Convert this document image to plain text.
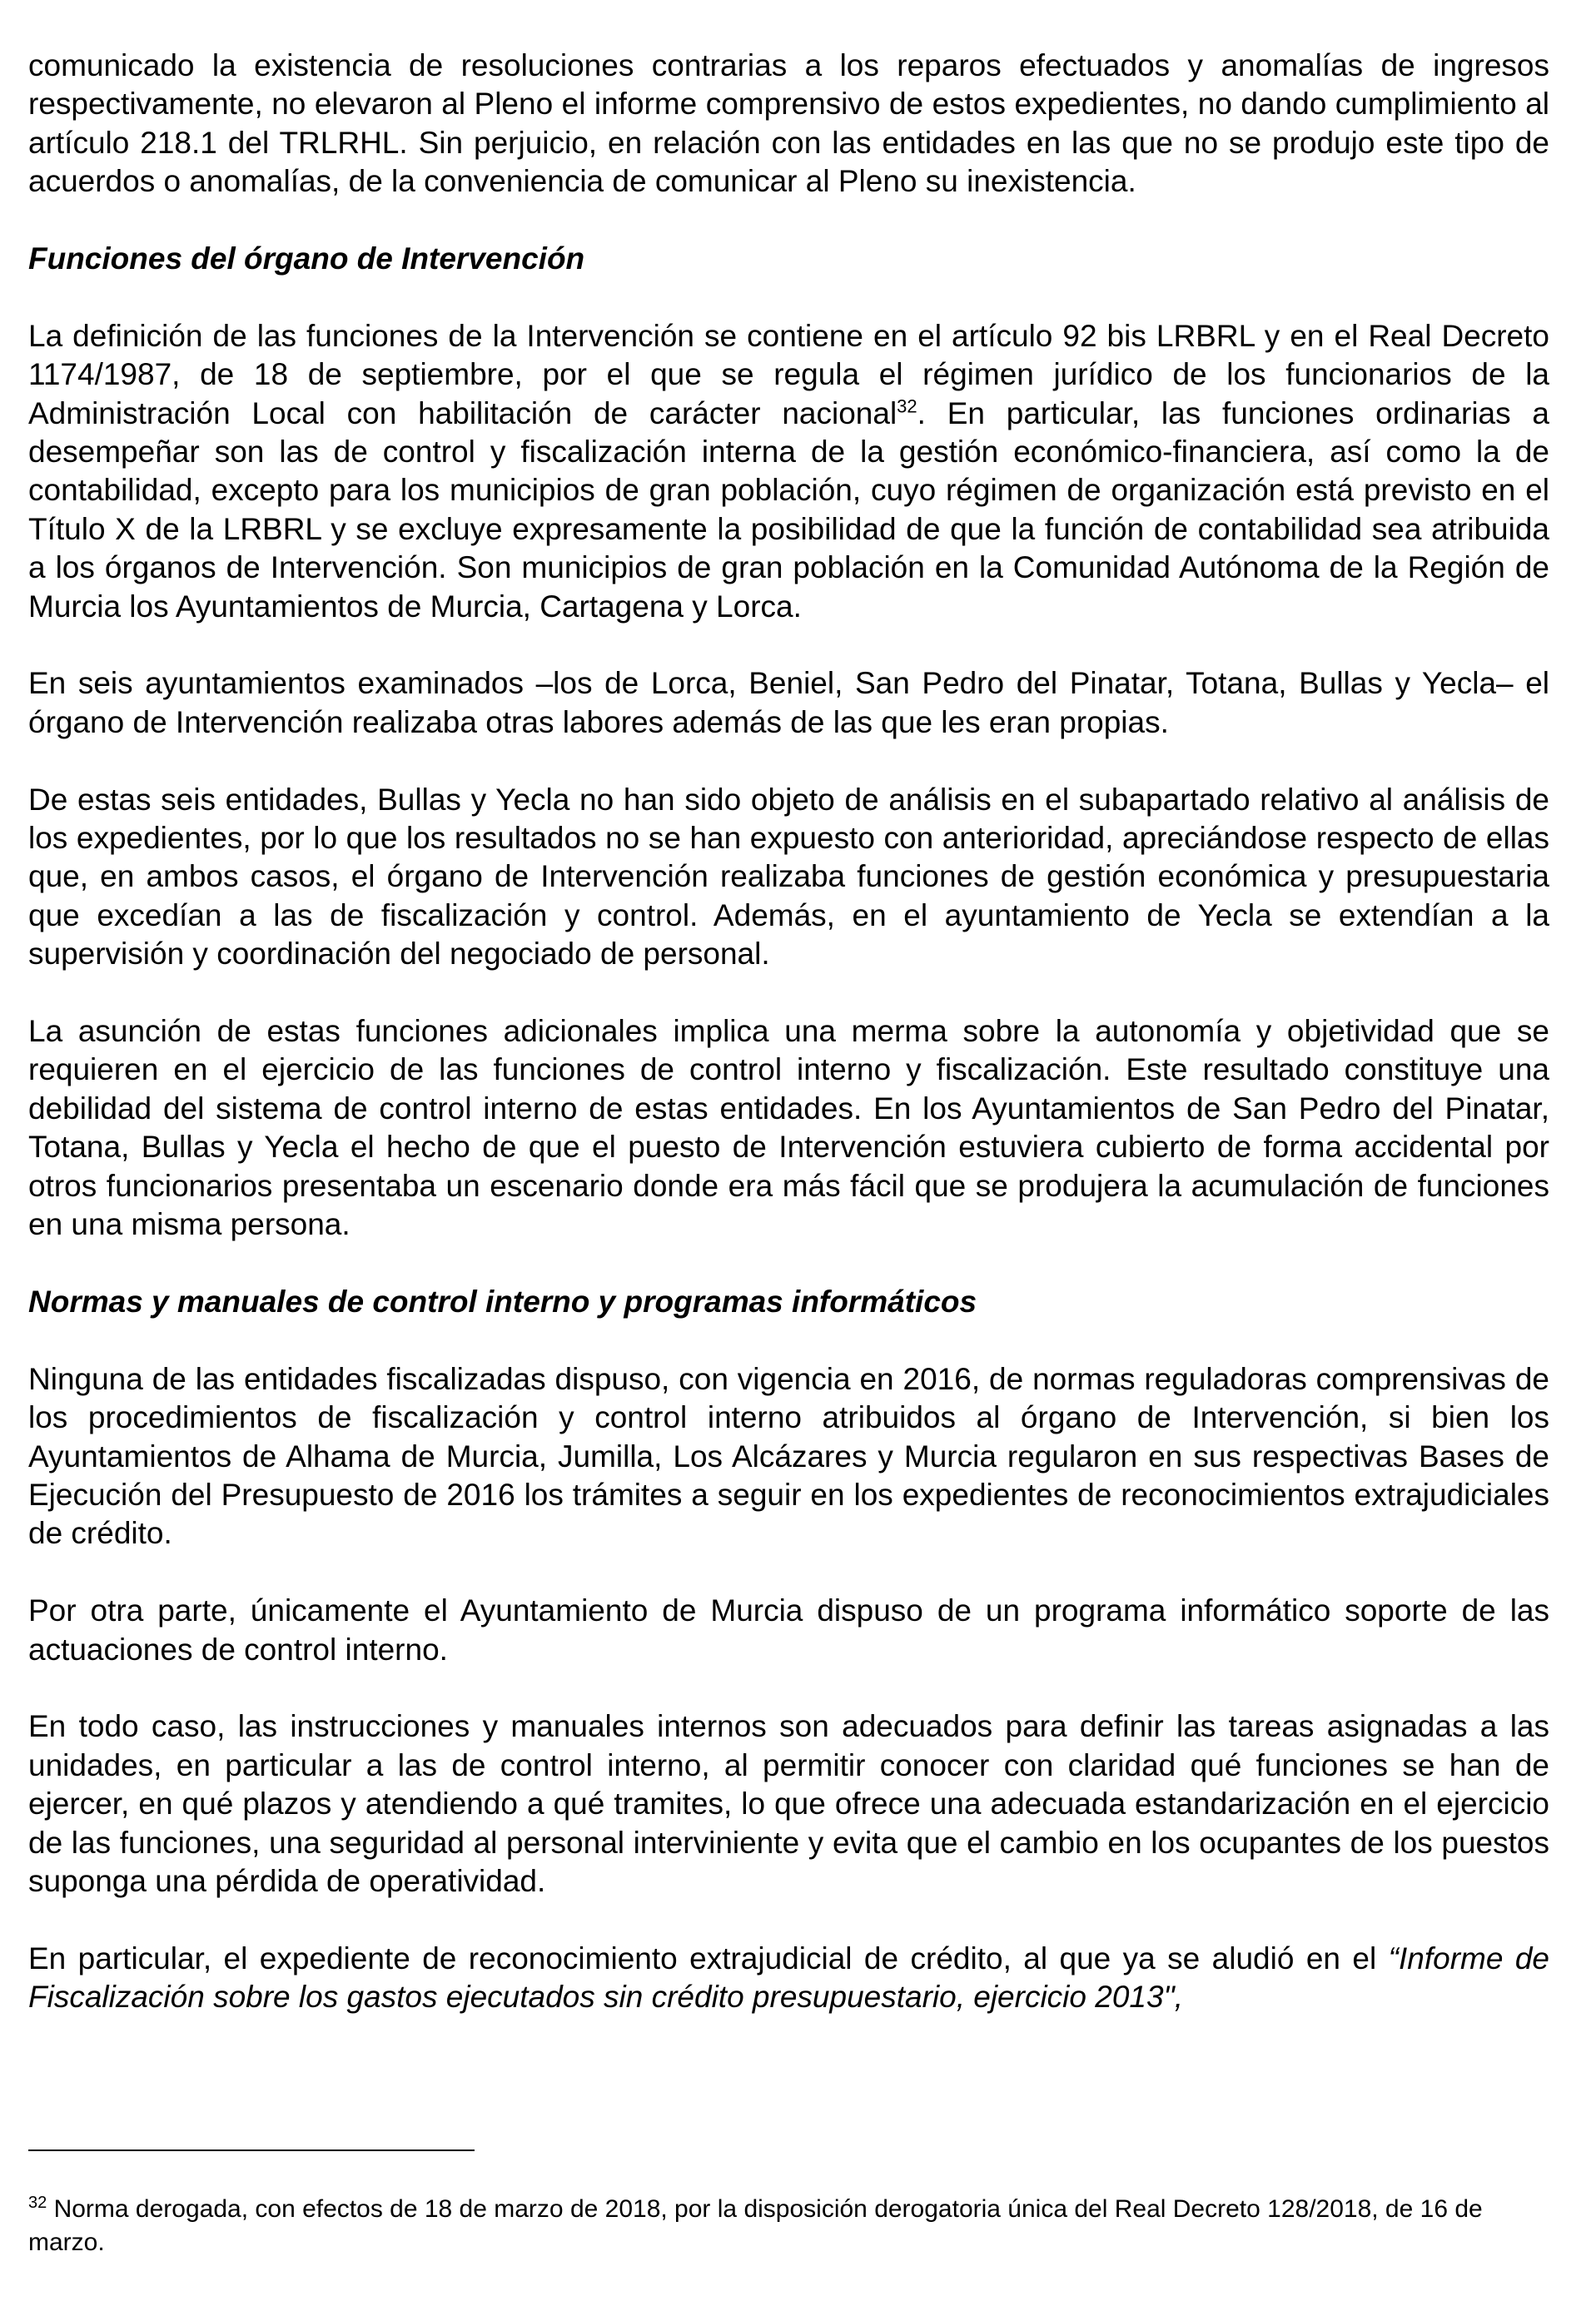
comunicado la existencia de resoluciones contrarias a los reparos efectuados y anomalías de ingresos respectivamente, no elevaron al Pleno el informe comprensivo de estos expedientes, no dando cumplimiento al artículo 218.1 del TRLRHL. Sin perjuicio, en relación con las entidades en las que no se produjo este tipo de acuerdos o anomalías, de la conveniencia de comunicar al Pleno su inexistencia.

Funciones del órgano de Intervención

La definición de las funciones de la Intervención se contiene en el artículo 92 bis LRBRL y en el Real Decreto 1174/1987, de 18 de septiembre, por el que se regula el régimen jurídico de los funcionarios de la Administración Local con habilitación de carácter nacional$^{32}$. En particular, las funciones ordinarias a desempeñar son las de control y fiscalización interna de la gestión económico-financiera, así como la de contabilidad, excepto para los municipios de gran población, cuyo régimen de organización está previsto en el Título X de la LRBRL y se excluye expresamente la posibilidad de que la función de contabilidad sea atribuida a los órganos de Intervención. Son municipios de gran población en la Comunidad Autónoma de la Región de Murcia los Ayuntamientos de Murcia, Cartagena y Lorca.

En seis ayuntamientos examinados –los de Lorca, Beniel, San Pedro del Pinatar, Totana, Bullas y Yecla– el órgano de Intervención realizaba otras labores además de las que les eran propias.

De estas seis entidades, Bullas y Yecla no han sido objeto de análisis en el subapartado relativo al análisis de los expedientes, por lo que los resultados no se han expuesto con anterioridad, apreciándose respecto de ellas que, en ambos casos, el órgano de Intervención realizaba funciones de gestión económica y presupuestaria que excedían a las de fiscalización y control. Además, en el ayuntamiento de Yecla se extendían a la supervisión y coordinación del negociado de personal.

La asunción de estas funciones adicionales implica una merma sobre la autonomía y objetividad que se requieren en el ejercicio de las funciones de control interno y fiscalización. Este resultado constituye una debilidad del sistema de control interno de estas entidades. En los Ayuntamientos de San Pedro del Pinatar, Totana, Bullas y Yecla el hecho de que el puesto de Intervención estuviera cubierto de forma accidental por otros funcionarios presentaba un escenario donde era más fácil que se produjera la acumulación de funciones en una misma persona.

Normas y manuales de control interno y programas informáticos

Ninguna de las entidades fiscalizadas dispuso, con vigencia en 2016, de normas reguladoras comprensivas de los procedimientos de fiscalización y control interno atribuidos al órgano de Intervención, si bien los Ayuntamientos de Alhama de Murcia, Jumilla, Los Alcázares y Murcia regularon en sus respectivas Bases de Ejecución del Presupuesto de 2016 los trámites a seguir en los expedientes de reconocimientos extrajudiciales de crédito.

Por otra parte, únicamente el Ayuntamiento de Murcia dispuso de un programa informático soporte de las actuaciones de control interno.

En todo caso, las instrucciones y manuales internos son adecuados para definir las tareas asignadas a las unidades, en particular a las de control interno, al permitir conocer con claridad qué funciones se han de ejercer, en qué plazos y atendiendo a qué tramites, lo que ofrece una adecuada estandarización en el ejercicio de las funciones, una seguridad al personal interviniente y evita que el cambio en los ocupantes de los puestos suponga una pérdida de operatividad.

En particular, el expediente de reconocimiento extrajudicial de crédito, al que ya se aludió en el “Informe de Fiscalización sobre los gastos ejecutados sin crédito presupuestario, ejercicio 2013",

$^{32}$ Norma derogada, con efectos de 18 de marzo de 2018, por la disposición derogatoria única del Real Decreto 128/2018, de 16 de marzo.
